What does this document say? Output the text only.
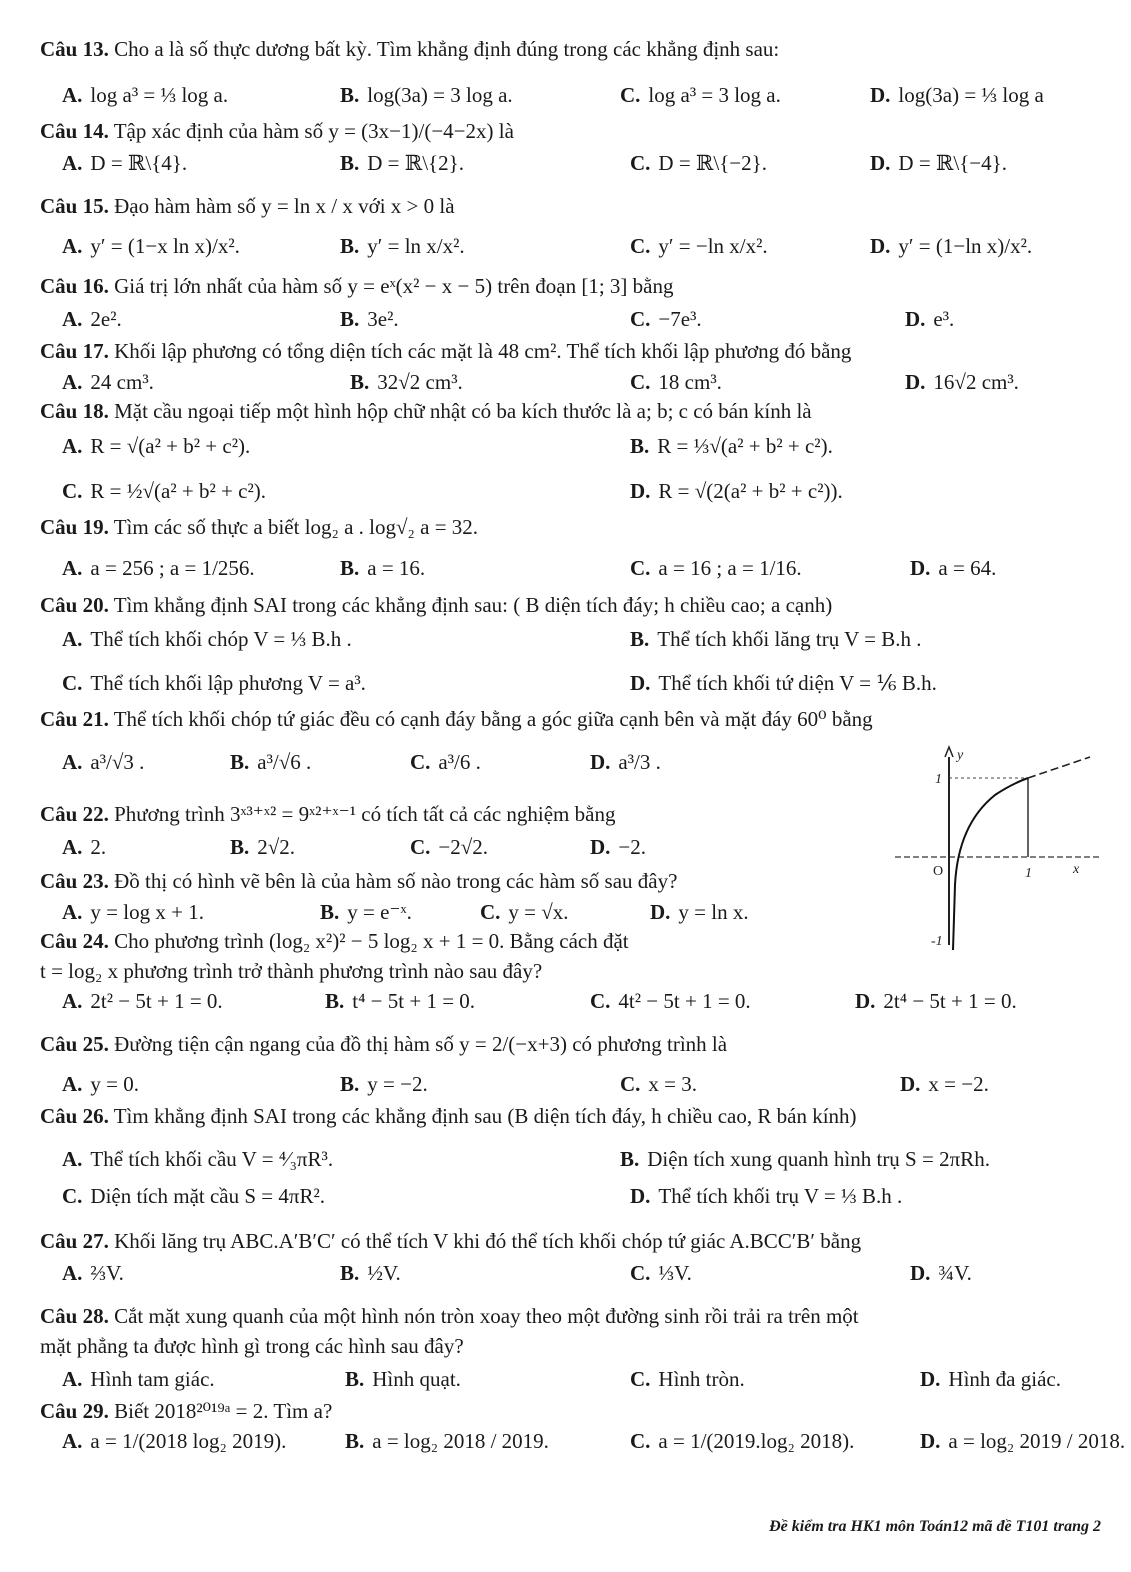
Câu 13. Cho a là số thực dương bất kỳ. Tìm khẳng định đúng trong các khẳng định sau:
A. log a³ = ⅓ log a.	B. log(3a) = 3 log a.	C. log a³ = 3 log a.	D. log(3a) = ⅓ log a
Câu 14. Tập xác định của hàm số y = (3x−1)/(−4−2x) là
A. D = ℝ\{4}.	B. D = ℝ\{2}.	C. D = ℝ\{−2}.	D. D = ℝ\{−4}.
Câu 15. Đạo hàm hàm số y = ln x / x với x > 0 là
A. y′ = (1−x ln x)/x².	B. y′ = ln x/x².	C. y′ = −ln x/x².	D. y′ = (1−ln x)/x².
Câu 16. Giá trị lớn nhất của hàm số y = eˣ(x² − x − 5) trên đoạn [1; 3] bằng
A. 2e².	B. 3e².	C. −7e³.	D. e³.
Câu 17. Khối lập phương có tổng diện tích các mặt là 48 cm². Thể tích khối lập phương đó bằng
A. 24 cm³.	B. 32√2 cm³.	C. 18 cm³.	D. 16√2 cm³.
Câu 18. Mặt cầu ngoại tiếp một hình hộp chữ nhật có ba kích thước là a; b; c có bán kính là
A. R = √(a² + b² + c²).	B. R = ⅓√(a² + b² + c²).
C. R = ½√(a² + b² + c²).	D. R = √(2(a² + b² + c²)).
Câu 19. Tìm các số thực a biết log₂ a . log√₂ a = 32.
A. a = 256 ; a = 1/256.	B. a = 16.	C. a = 16 ; a = 1/16.	D. a = 64.
Câu 20. Tìm khẳng định SAI trong các khẳng định sau: ( B diện tích đáy; h chiều cao; a cạnh)
A. Thể tích khối chóp V = ⅓ B.h .	B. Thể tích khối lăng trụ V = B.h .
C. Thể tích khối lập phương V = a³.	D. Thể tích khối tứ diện V = ⅙ B.h.
Câu 21. Thể tích khối chóp tứ giác đều có cạnh đáy bằng a góc giữa cạnh bên và mặt đáy 60⁰ bằng
A. a³/√3 .	B. a³/√6 .	C. a³/6 .	D. a³/3 .
Câu 22. Phương trình 3ˣ³⁺ˣ² = 9ˣ²⁺ˣ⁻¹ có tích tất cả các nghiệm bằng
A. 2.	B. 2√2.	C. −2√2.	D. −2.
Câu 23. Đồ thị có hình vẽ bên là của hàm số nào trong các hàm số sau đây?
A. y = log x + 1.	B. y = e⁻ˣ.	C. y = √x.	D. y = ln x.
Câu 24. Cho phương trình (log₂ x²)² − 5 log₂ x + 1 = 0. Bằng cách đặt
t = log₂ x phương trình trở thành phương trình nào sau đây?
A. 2t² − 5t + 1 = 0.	B. t⁴ − 5t + 1 = 0.	C. 4t² − 5t + 1 = 0.	D. 2t⁴ − 5t + 1 = 0.
Câu 25. Đường tiện cận ngang của đồ thị hàm số y = 2/(−x+3) có phương trình là
A. y = 0.	B. y = −2.	C. x = 3.	D. x = −2.
Câu 26. Tìm khẳng định SAI trong các khẳng định sau (B diện tích đáy, h chiều cao, R bán kính)
A. Thể tích khối cầu V = ⁴⁄₃πR³.	B. Diện tích xung quanh hình trụ S = 2πRh.
C. Diện tích mặt cầu S = 4πR².	D. Thể tích khối trụ V = ⅓ B.h .
Câu 27. Khối lăng trụ ABC.A′B′C′ có thể tích V khi đó thể tích khối chóp tứ giác A.BCC′B′ bằng
A. ⅔V.	B. ½V.	C. ⅓V.	D. ¾V.
Câu 28. Cắt mặt xung quanh của một hình nón tròn xoay theo một đường sinh rồi trải ra trên một
mặt phẳng ta được hình gì trong các hình sau đây?
A. Hình tam giác.	B. Hình quạt.	C. Hình tròn.	D. Hình đa giác.
Câu 29. Biết 2018²⁰¹⁹ᵃ = 2. Tìm a?
A. a = 1/(2018 log₂ 2019).	B. a = log₂ 2018 / 2019.	C. a = 1/(2019.log₂ 2018).	D. a = log₂ 2019 / 2018.
y
x
O
1
1
-1
Đề kiểm tra HK1 môn Toán12 mã đề T101 trang 2
